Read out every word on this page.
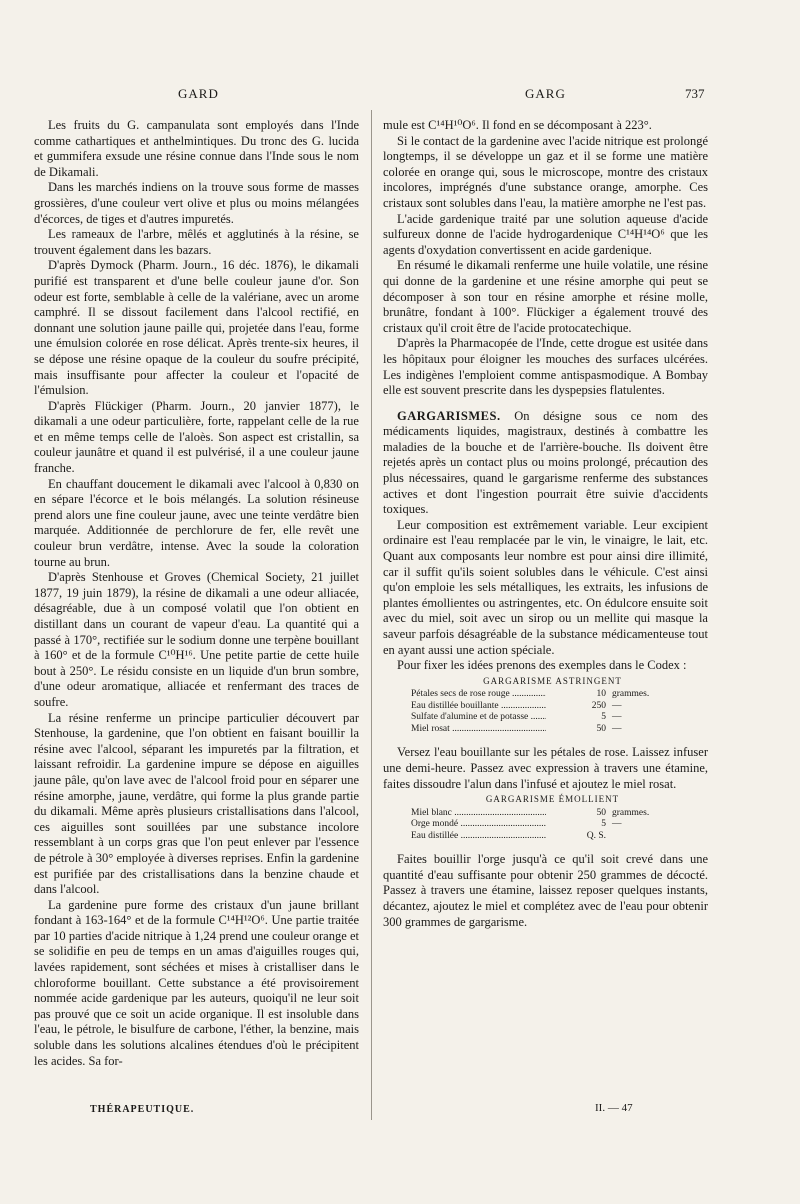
GARD	GARG	737

Les fruits du G. campanulata sont employés dans l'Inde comme cathartiques et anthelmintiques. Du tronc des G. lucida et gummifera exsude une résine connue dans l'Inde sous le nom de Dikamali.

Dans les marchés indiens on la trouve sous forme de masses grossières, d'une couleur vert olive et plus ou moins mélangées d'écorces, de tiges et d'autres impuretés.

Les rameaux de l'arbre, mêlés et agglutinés à la résine, se trouvent également dans les bazars.

D'après Dymock (Pharm. Journ., 16 déc. 1876), le dikamali purifié est transparent et d'une belle couleur jaune d'or. Son odeur est forte, semblable à celle de la valériane, avec un arome camphré. Il se dissout facilement dans l'alcool rectifié, en donnant une solution jaune paille qui, projetée dans l'eau, forme une émulsion colorée en rose délicat. Après trente-six heures, il se dépose une résine opaque de la couleur du soufre précipité, mais insuffisante pour affecter la couleur et l'opacité de l'émulsion.

D'après Flückiger (Pharm. Journ., 20 janvier 1877), le dikamali a une odeur particulière, forte, rappelant celle de la rue et en même temps celle de l'aloès. Son aspect est cristallin, sa couleur jaunâtre et quand il est pulvérisé, il a une couleur jaune franche.

En chauffant doucement le dikamali avec l'alcool à 0,830 on en sépare l'écorce et le bois mélangés. La solution résineuse prend alors une fine couleur jaune, avec une teinte verdâtre bien marquée. Additionnée de perchlorure de fer, elle revêt une couleur brun verdâtre, intense. Avec la soude la coloration tourne au brun.

D'après Stenhouse et Groves (Chemical Society, 21 juillet 1877, 19 juin 1879), la résine de dikamali a une odeur alliacée, désagréable, due à un composé volatil que l'on obtient en distillant dans un courant de vapeur d'eau. La quantité qui a passé à 170°, rectifiée sur le sodium donne une terpène bouillant à 160° et de la formule C¹⁰H¹⁶. Une petite partie de cette huile bout à 250°. Le résidu consiste en un liquide d'un brun sombre, d'une odeur aromatique, alliacée et renfermant des traces de soufre.

La résine renferme un principe particulier découvert par Stenhouse, la gardenine, que l'on obtient en faisant bouillir la résine avec l'alcool, séparant les impuretés par la filtration, et laissant refroidir. La gardenine impure se dépose en aiguilles jaune pâle, qu'on lave avec de l'alcool froid pour en séparer une résine amorphe, jaune, verdâtre, qui forme la plus grande partie du dikamali. Même après plusieurs cristallisations dans l'alcool, ces aiguilles sont souillées par une substance incolore ressemblant à un corps gras que l'on peut enlever par l'essence de pétrole à 30° employée à diverses reprises. Enfin la gardenine est purifiée par des cristallisations dans la benzine chaude et dans l'alcool.

La gardenine pure forme des cristaux d'un jaune brillant fondant à 163-164° et de la formule C¹⁴H¹²O⁶. Une partie traitée par 10 parties d'acide nitrique à 1,24 prend une couleur orange et se solidifie en peu de temps en un amas d'aiguilles rouges qui, lavées rapidement, sont séchées et mises à cristalliser dans le chloroforme bouillant. Cette substance a été provisoirement nommée acide gardenique par les auteurs, quoiqu'il ne leur soit pas prouvé que ce soit un acide organique. Il est insoluble dans l'eau, le pétrole, le bisulfure de carbone, l'éther, la benzine, mais soluble dans les solutions alcalines étendues d'où le précipitent les acides. Sa for-

mule est C¹⁴H¹⁰O⁶. Il fond en se décomposant à 223°.

Si le contact de la gardenine avec l'acide nitrique est prolongé longtemps, il se développe un gaz et il se forme une matière colorée en orange qui, sous le microscope, montre des cristaux incolores, imprégnés d'une substance orange, amorphe. Ces cristaux sont solubles dans l'eau, la matière amorphe ne l'est pas.

L'acide gardenique traité par une solution aqueuse d'acide sulfureux donne de l'acide hydrogardenique C¹⁴H¹⁴O⁶ que les agents d'oxydation convertissent en acide gardenique.

En résumé le dikamali renferme une huile volatile, une résine qui donne de la gardenine et une résine amorphe qui peut se décomposer à son tour en résine amorphe et résine molle, brunâtre, fondant à 100°. Flückiger a également trouvé des cristaux qu'il croit être de l'acide protocatechique.

D'après la Pharmacopée de l'Inde, cette drogue est usitée dans les hôpitaux pour éloigner les mouches des surfaces ulcérées. Les indigènes l'emploient comme antispasmodique. A Bombay elle est souvent prescrite dans les dyspepsies flatulentes.

GARGARISMES. On désigne sous ce nom des médicaments liquides, magistraux, destinés à combattre les maladies de la bouche et de l'arrière-bouche. Ils doivent être rejetés après un contact plus ou moins prolongé, précaution des plus nécessaires, quand le gargarisme renferme des substances actives et dont l'ingestion pourrait être suivie d'accidents toxiques.

Leur composition est extrêmement variable. Leur excipient ordinaire est l'eau remplacée par le vin, le vinaigre, le lait, etc. Quant aux composants leur nombre est pour ainsi dire illimité, car il suffit qu'ils soient solubles dans le véhicule. C'est ainsi qu'on emploie les sels métalliques, les extraits, les infusions de plantes émollientes ou astringentes, etc. On édulcore ensuite soit avec du miel, soit avec un sirop ou un mellite qui masque la saveur parfois désagréable de la substance médicamenteuse tout en ayant aussi une action spéciale.

Pour fixer les idées prenons des exemples dans le Codex :

GARGARISME ASTRINGENT

Pétales secs de rose rouge .....	10 grammes.
Eau distillée bouillante .....	250 —
Sulfate d'alumine et de potasse .....	5 —
Miel rosat .....	50 —

Versez l'eau bouillante sur les pétales de rose. Laissez infuser une demi-heure. Passez avec expression à travers une étamine, faites dissoudre l'alun dans l'infusé et ajoutez le miel rosat.

GARGARISME ÉMOLLIENT

Miel blanc .....	50 grammes.
Orge mondé .....	5 —
Eau distillée .....	Q. S.

Faites bouillir l'orge jusqu'à ce qu'il soit crevé dans une quantité d'eau suffisante pour obtenir 250 grammes de décocté. Passez à travers une étamine, laissez reposer quelques instants, décantez, ajoutez le miel et complétez avec de l'eau pour obtenir 300 grammes de gargarisme.

THÉRAPEUTIQUE.	II. — 47
